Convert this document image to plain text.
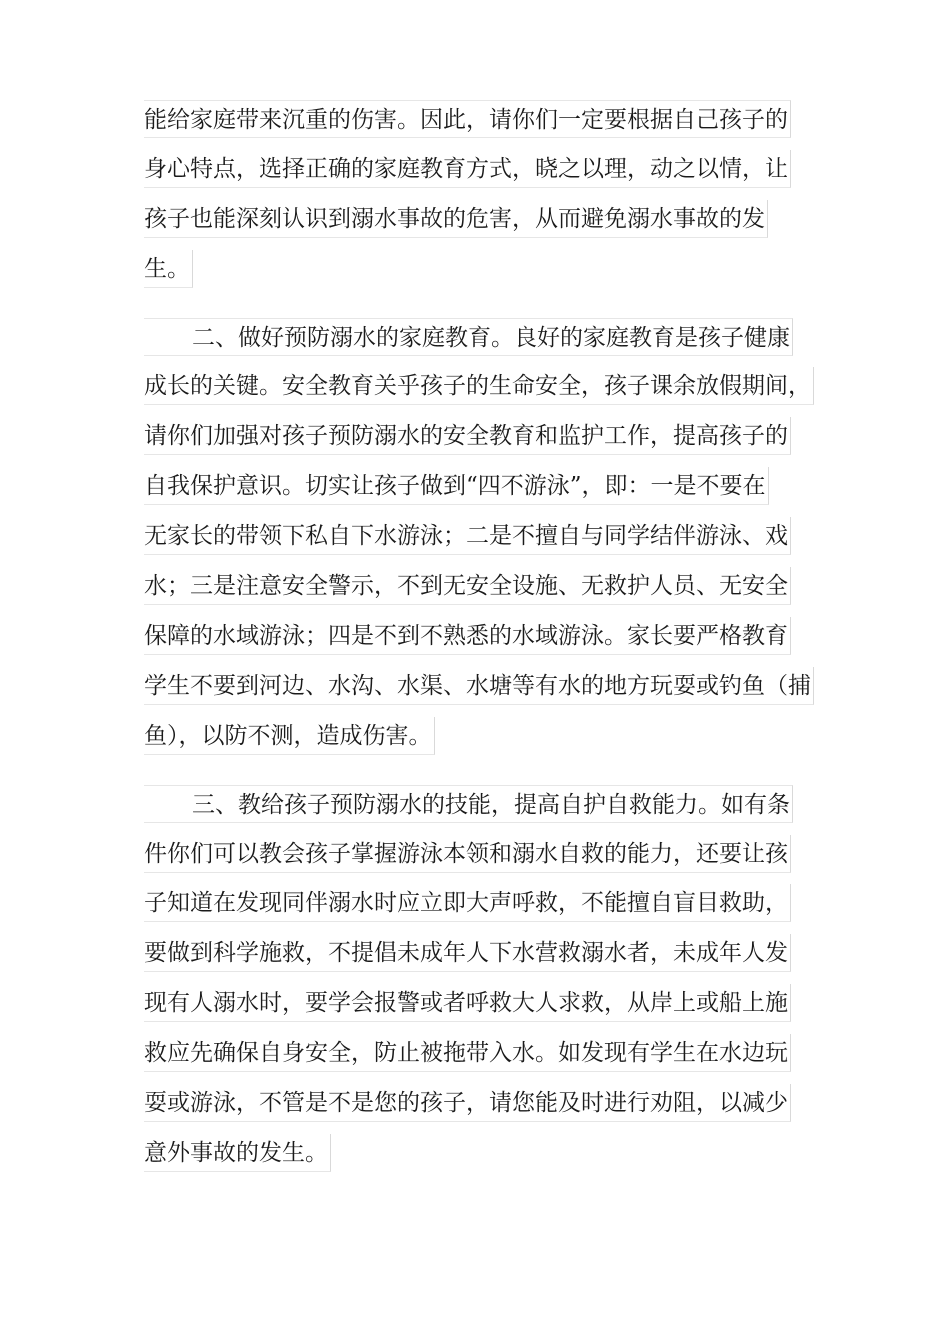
能给家庭带来沉重的伤害。因此，请你们一定要根据自己孩子的
身心特点，选择正确的家庭教育方式，晓之以理，动之以情，让
孩子也能深刻认识到溺水事故的危害，从而避免溺水事故的发
生。
二、做好预防溺水的家庭教育。良好的家庭教育是孩子健康
成长的关键。安全教育关乎孩子的生命安全，孩子课余放假期间，
请你们加强对孩子预防溺水的安全教育和监护工作，提高孩子的
自我保护意识。切实让孩子做到“四不游泳”，即：一是不要在
无家长的带领下私自下水游泳；二是不擅自与同学结伴游泳、戏
水；三是注意安全警示，不到无安全设施、无救护人员、无安全
保障的水域游泳；四是不到不熟悉的水域游泳。家长要严格教育
学生不要到河边、水沟、水渠、水塘等有水的地方玩耍或钓鱼（捕
鱼），以防不测，造成伤害。
三、教给孩子预防溺水的技能，提高自护自救能力。如有条
件你们可以教会孩子掌握游泳本领和溺水自救的能力，还要让孩
子知道在发现同伴溺水时应立即大声呼救，不能擅自盲目救助，
要做到科学施救，不提倡未成年人下水营救溺水者，未成年人发
现有人溺水时，要学会报警或者呼救大人求救，从岸上或船上施
救应先确保自身安全，防止被拖带入水。如发现有学生在水边玩
耍或游泳，不管是不是您的孩子，请您能及时进行劝阻，以减少
意外事故的发生。
